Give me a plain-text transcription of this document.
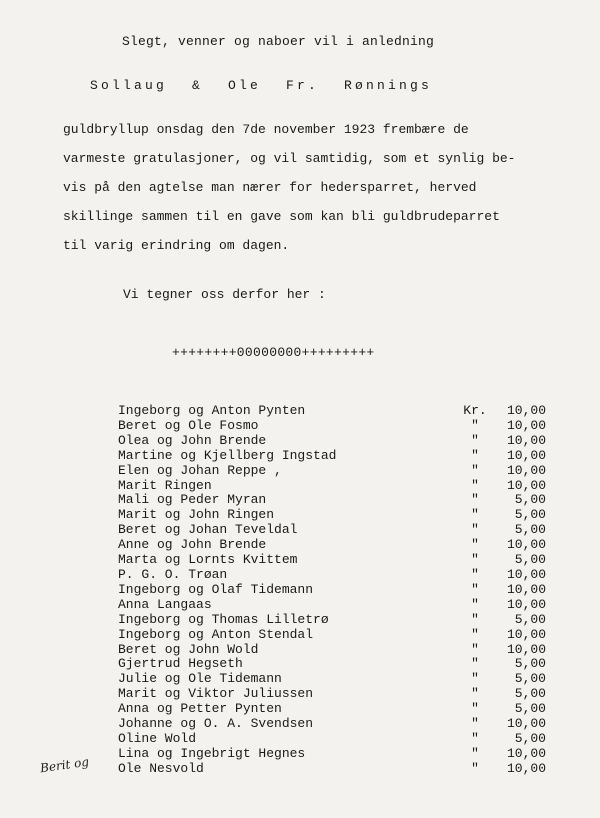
Slegt, venner og naboer vil i anledning
Sollaug & Ole Fr. Rønnings
guldbryllup onsdag den 7de november 1923 frembære de
varmeste gratulasjoner, og vil samtidig, som et synlig be-
vis på den agtelse man nærer for hedersparret, herved
skillinge sammen til en gave som kan bli guldbrudeparret
til varig erindring om dagen.
Vi tegner oss derfor her :
++++++++00000000+++++++++
Ingeborg og Anton Pynten	Kr.	10,00
Beret og Ole Fosmo	"	10,00
Olea og John Brende	"	10,00
Martine og Kjellberg Ingstad	"	10,00
Elen og Johan Reppe ,	"	10,00
Marit Ringen	"	10,00
Mali og Peder Myran	"	5,00
Marit og John Ringen	"	5,00
Beret og Johan Teveldal	"	5,00
Anne og John Brende	"	10,00
Marta og Lornts Kvittem	"	5,00
P. G. O. Trøan	"	10,00
Ingeborg og Olaf Tidemann	"	10,00
Anna Langaas	"	10,00
Ingeborg og Thomas Lilletrø	"	5,00
Ingeborg og Anton Stendal	"	10,00
Beret og John Wold	"	10,00
Gjertrud Hegseth	"	5,00
Julie og Ole Tidemann	"	5,00
Marit og Viktor Juliussen	"	5,00
Anna og Petter Pynten	"	5,00
Johanne og O. A. Svendsen	"	10,00
Oline Wold	"	5,00
Lina og Ingebrigt Hegnes	"	10,00
Ole Nesvold	"	10,00
Berit og
